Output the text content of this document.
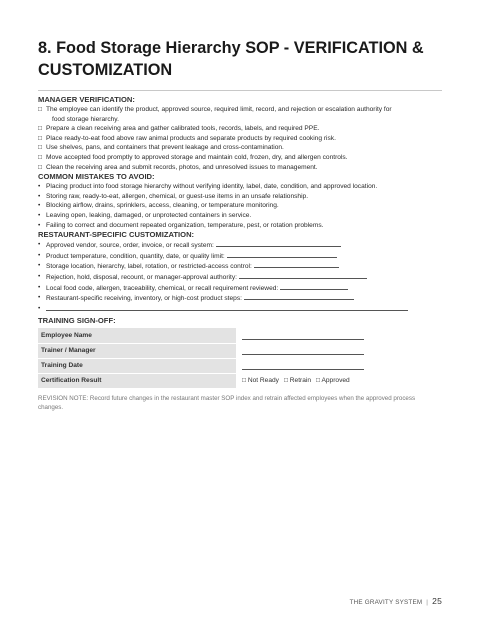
8. Food Storage Hierarchy SOP - VERIFICATION & CUSTOMIZATION
MANAGER VERIFICATION:
□ The employee can identify the product, approved source, required limit, record, and rejection or escalation authority for
food storage hierarchy.
□ Prepare a clean receiving area and gather calibrated tools, records, labels, and required PPE.
□ Place ready-to-eat food above raw animal products and separate products by required cooking risk.
□ Use shelves, pans, and containers that prevent leakage and cross-contamination.
□ Move accepted food promptly to approved storage and maintain cold, frozen, dry, and allergen controls.
□ Clean the receiving area and submit records, photos, and unresolved issues to management.
COMMON MISTAKES TO AVOID:
• Placing product into food storage hierarchy without verifying identity, label, date, condition, and approved location.
• Storing raw, ready-to-eat, allergen, chemical, or guest-use items in an unsafe relationship.
• Blocking airflow, drains, sprinklers, access, cleaning, or temperature monitoring.
• Leaving open, leaking, damaged, or unprotected containers in service.
• Failing to correct and document repeated organization, temperature, pest, or rotation problems.
RESTAURANT-SPECIFIC CUSTOMIZATION:
• Approved vendor, source, order, invoice, or recall system:
• Product temperature, condition, quantity, date, or quality limit:
• Storage location, hierarchy, label, rotation, or restricted-access control:
• Rejection, hold, disposal, recount, or manager-approval authority:
• Local food code, allergen, traceability, chemical, or recall requirement reviewed:
• Restaurant-specific receiving, inventory, or high-cost product steps:
•
TRAINING SIGN-OFF:
Employee Name	

Trainer / Manager	

Training Date	

Certification Result	□ Not Ready □ Retrain □ Approved
REVISION NOTE: Record future changes in the restaurant master SOP index and retrain affected employees when the approved process changes.
THE GRAVITY SYSTEM | 25
